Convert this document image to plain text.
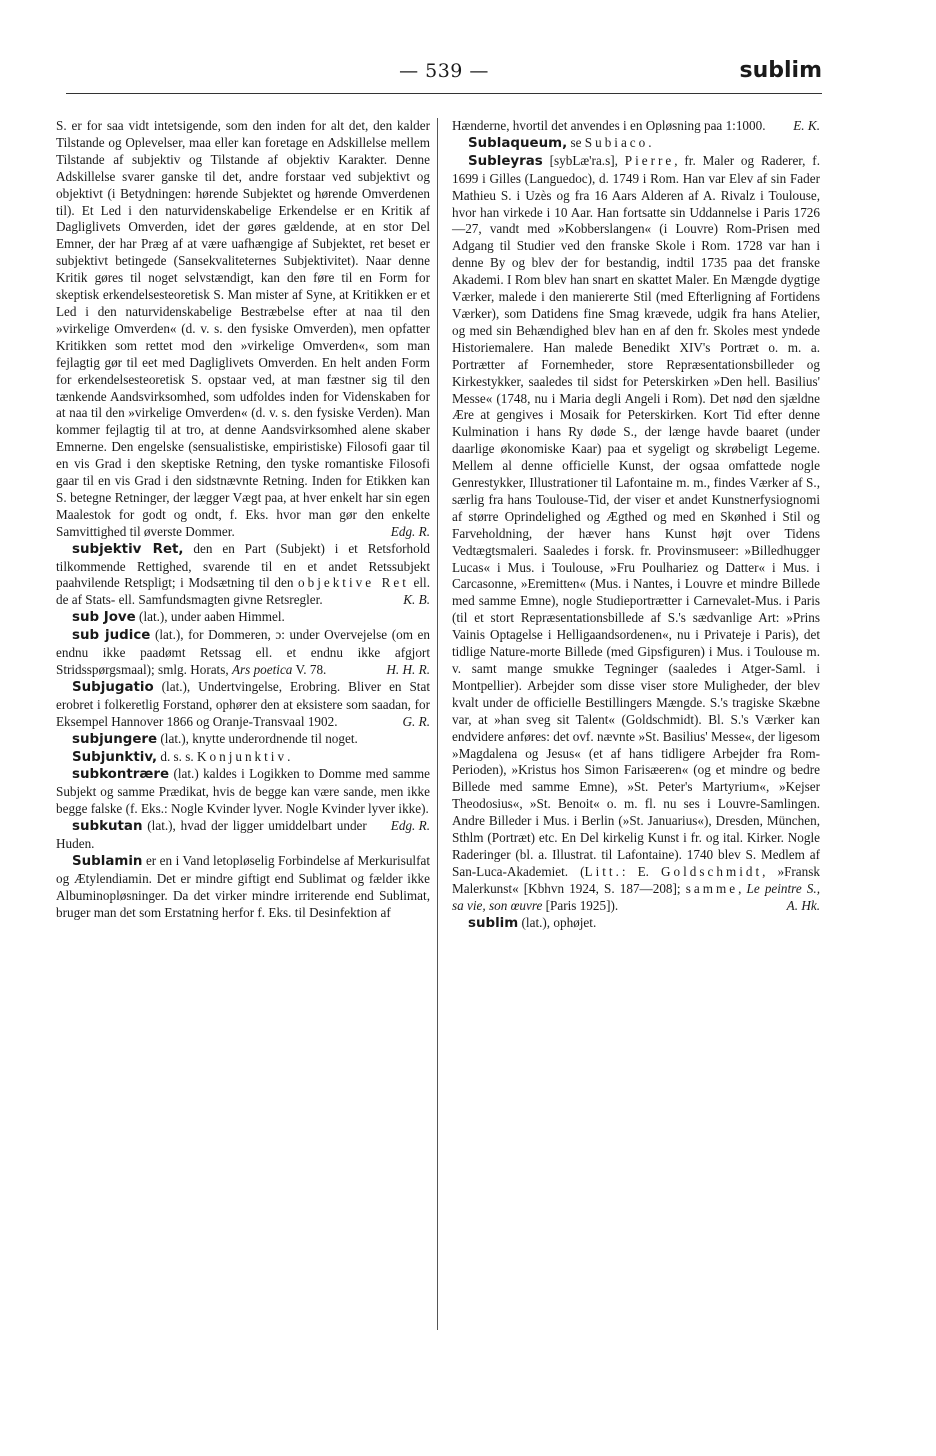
— 539 —	sublim

S. er for saa vidt intetsigende, som den inden for alt det, den kalder Tilstande og Oplevelser, maa eller kan foretage en Adskillelse mellem Tilstande af subjektiv og Tilstande af objektiv Karakter. Denne Adskillelse svarer ganske til det, andre forstaar ved subjektivt og objektivt (i Betydningen: hørende Subjektet og hørende Omverdenen til). Et Led i den naturvidenskabelige Erkendelse er en Kritik af Dagliglivets Omverden, idet der gøres gældende, at en stor Del Emner, der har Præg af at være uafhængige af Subjektet, ret beset er subjektivt betingede (Sansekvaliteternes Subjektivitet). Naar denne Kritik gøres til noget selvstændigt, kan den føre til en Form for skeptisk erkendelsesteoretisk S. Man mister af Syne, at Kritikken er et Led i den naturvidenskabelige Bestræbelse efter at naa til den »virkelige Omverden« (d. v. s. den fysiske Omverden), men opfatter Kritikken som rettet mod den »virkelige Omverden«, som man fejlagtig gør til eet med Dagliglivets Omverden. En helt anden Form for erkendelsesteoretisk S. opstaar ved, at man fæstner sig til den tænkende Aandsvirksomhed, som udfoldes inden for Videnskaben for at naa til den »virkelige Omverden« (d. v. s. den fysiske Verden). Man kommer fejlagtig til at tro, at denne Aandsvirksomhed alene skaber Emnerne. Den engelske (sensualistiske, empiristiske) Filosofi gaar til en vis Grad i den skeptiske Retning, den tyske romantiske Filosofi gaar til en vis Grad i den sidstnævnte Retning. Inden for Etikken kan S. betegne Retninger, der lægger Vægt paa, at hver enkelt har sin egen Maalestok for godt og ondt, f. Eks. hvor man gør den enkelte Samvittighed til øverste Dommer.	Edg. R.

subjektiv Ret, den en Part (Subjekt) i et Retsforhold tilkommende Rettighed, svarende til en et andet Retssubjekt paahvilende Retspligt; i Modsætning til den objektive Ret ell. de af Stats- ell. Samfundsmagten givne Retsregler.	K. B.

sub Jove (lat.), under aaben Himmel.

sub judice (lat.), for Dommeren, ɔ: under Overvejelse (om en endnu ikke paadømt Retssag ell. et endnu ikke afgjort Stridsspørgsmaal); smlg. Horats, Ars poetica V. 78.	H. H. R.

Subjugatio (lat.), Undertvingelse, Erobring. Bliver en Stat erobret i folkeretlig Forstand, ophører den at eksistere som saadan, for Eksempel Hannover 1866 og Oranje-Transvaal 1902.	G. R.

subjungere (lat.), knytte underordnende til noget.

Subjunktiv, d. s. s. Konjunktiv.

subkontrære (lat.) kaldes i Logikken to Domme med samme Subjekt og samme Prædikat, hvis de begge kan være sande, men ikke begge falske (f. Eks.: Nogle Kvinder lyver. Nogle Kvinder lyver ikke).
Edg. R.

subkutan (lat.), hvad der ligger umiddelbart under Huden.

Sublamin er en i Vand letopløselig Forbindelse af Merkurisulfat og Ætylendiamin. Det er mindre giftigt end Sublimat og fælder ikke Albuminopløsninger. Da det virker mindre irriterende end Sublimat, bruger man det som Erstatning herfor f. Eks. til Desinfektion af

Hænderne, hvortil det anvendes i en Opløsning paa 1:1000.	E. K.

Sublaqueum, se Subiaco.

Subleyras [sybLæ'ra.s], Pierre, fr. Maler og Raderer, f. 1699 i Gilles (Languedoc), d. 1749 i Rom. Han var Elev af sin Fader Mathieu S. i Uzès og fra 16 Aars Alderen af A. Rivalz i Toulouse, hvor han virkede i 10 Aar. Han fortsatte sin Uddannelse i Paris 1726—27, vandt med »Kobberslangen« (i Louvre) Rom-Prisen med Adgang til Studier ved den franske Skole i Rom. 1728 var han i denne By og blev der for bestandig, indtil 1735 paa det franske Akademi. I Rom blev han snart en skattet Maler. En Mængde dygtige Værker, malede i den maniererte Stil (med Efterligning af Fortidens Værker), som Datidens fine Smag krævede, udgik fra hans Atelier, og med sin Behændighed blev han en af den fr. Skoles mest yndede Historiemalere. Han malede Benedikt XIV's Portræt o. m. a. Portrætter af Fornemheder, store Repræsentationsbilleder og Kirkestykker, saaledes til sidst for Peterskirken »Den hell. Basilius' Messe« (1748, nu i Maria degli Angeli i Rom). Det nød den sjældne Ære at gengives i Mosaik for Peterskirken. Kort Tid efter denne Kulmination i hans Ry døde S., der længe havde baaret (under daarlige økonomiske Kaar) paa et sygeligt og skrøbeligt Legeme. Mellem al denne officielle Kunst, der ogsaa omfattede nogle Genrestykker, Illustrationer til Lafontaine m. m., findes Værker af S., særlig fra hans Toulouse-Tid, der viser et andet Kunstnerfysiognomi af større Oprindelighed og Ægthed og med en Skønhed i Stil og Farveholdning, der hæver hans Kunst højt over Tidens Vedtægtsmaleri. Saaledes i forsk. fr. Provinsmuseer: »Billedhugger Lucas« i Mus. i Toulouse, »Fru Poulhariez og Datter« i Mus. i Carcasonne, »Eremitten« (Mus. i Nantes, i Louvre et mindre Billede med samme Emne), nogle Studieportrætter i Carnevalet-Mus. i Paris (til et stort Repræsentationsbillede af S.'s sædvanlige Art: »Prins Vainis Optagelse i Helligaandsordenen«, nu i Privateje i Paris), det tidlige Nature-morte Billede (med Gipsfiguren) i Mus. i Toulouse m. v. samt mange smukke Tegninger (saaledes i Atger-Saml. i Montpellier). Arbejder som disse viser store Muligheder, der blev kvalt under de officielle Bestillingers Mængde. S.'s tragiske Skæbne var, at »han sveg sit Talent« (Goldschmidt). Bl. S.'s Værker kan endvidere anføres: det ovf. nævnte »St. Basilius' Messe«, der ligesom »Magdalena og Jesus« (et af hans tidligere Arbejder fra Rom-Perioden), »Kristus hos Simon Farisæeren« (og et mindre og bedre Billede med samme Emne), »St. Peter's Martyrium«, »Kejser Theodosius«, »St. Benoit« o. m. fl. nu ses i Louvre-Samlingen. Andre Billeder i Mus. i Berlin (»St. Januarius«), Dresden, München, Sthlm (Portræt) etc. En Del kirkelig Kunst i fr. og ital. Kirker. Nogle Raderinger (bl. a. Illustrat. til Lafontaine). 1740 blev S. Medlem af San-Luca-Akademiet. (Litt.: E. Goldschmidt, »Fransk Malerkunst« [Kbhvn 1924, S. 187—208]; samme, Le peintre S., sa vie, son œuvre [Paris 1925]).	A. Hk.

sublim (lat.), ophøjet.
